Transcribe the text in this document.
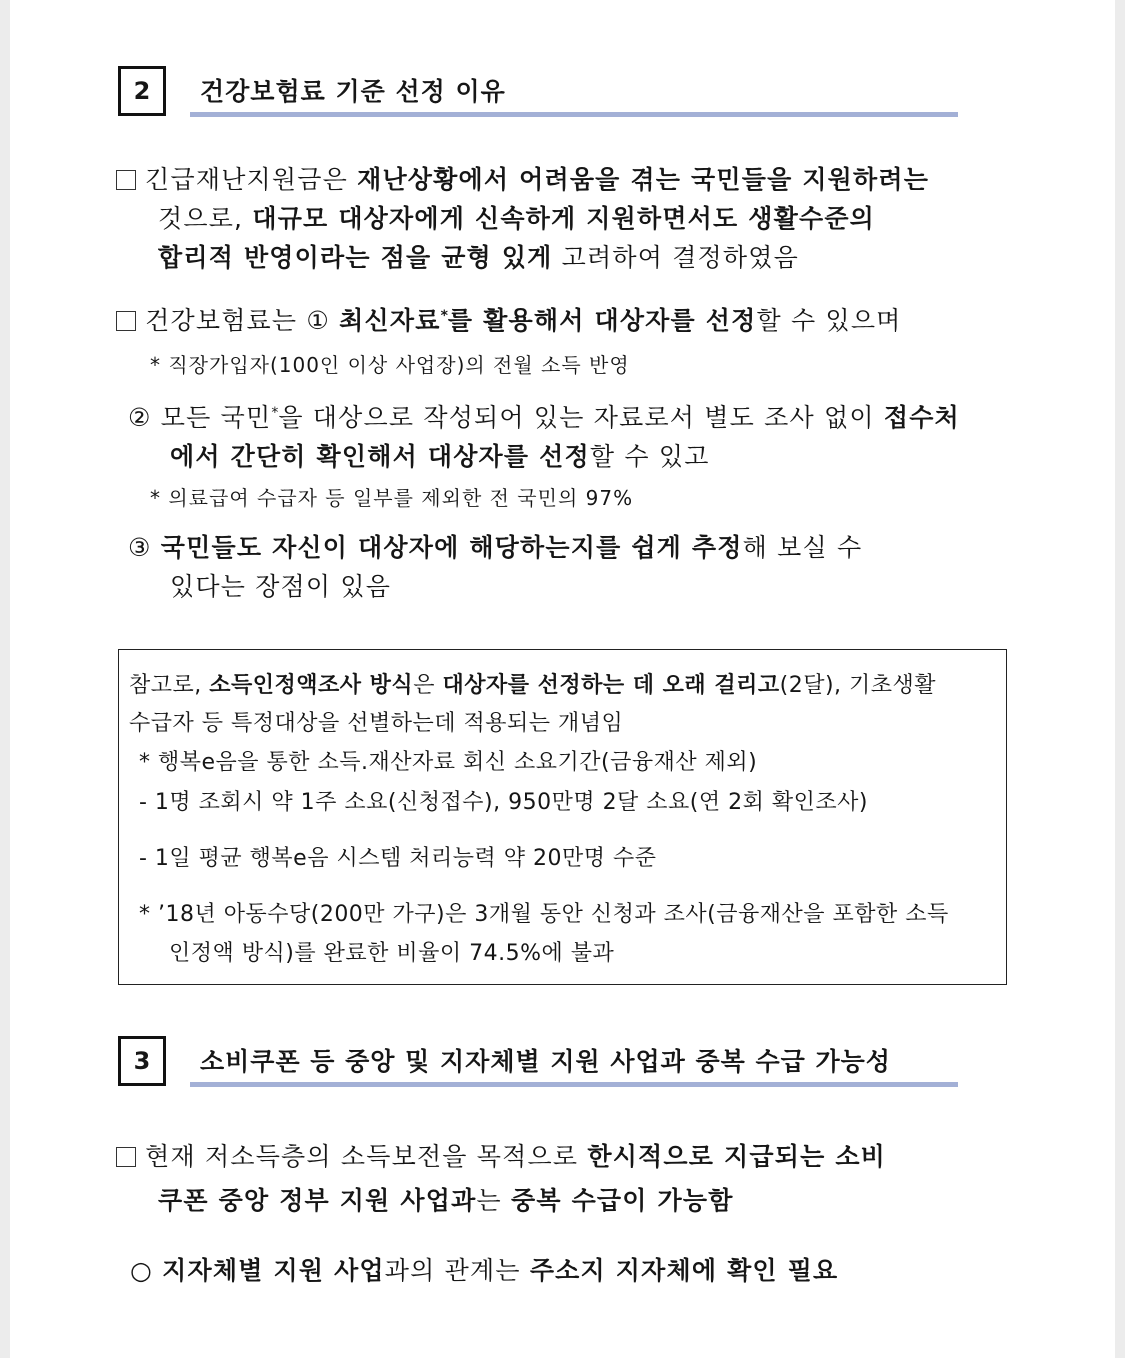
2	건강보험료 기준 선정 이유
긴급재난지원금은 재난상황에서 어려움을 겪는 국민들을 지원하려는
것으로, 대규모 대상자에게 신속하게 지원하면서도 생활수준의
합리적 반영이라는 점을 균형 있게 고려하여 결정하였음
건강보험료는 ① 최신자료*를 활용해서 대상자를 선정할 수 있으며
* 직장가입자(100인 이상 사업장)의 전월 소득 반영
② 모든 국민*을 대상으로 작성되어 있는 자료로서 별도 조사 없이 접수처
에서 간단히 확인해서 대상자를 선정할 수 있고
* 의료급여 수급자 등 일부를 제외한 전 국민의 97%
③ 국민들도 자신이 대상자에 해당하는지를 쉽게 추정해 보실 수
있다는 장점이 있음
참고로, 소득인정액조사 방식은 대상자를 선정하는 데 오래 걸리고(2달), 기초생활
수급자 등 특정대상을 선별하는데 적용되는 개념임
* 행복e음을 통한 소득.재산자료 회신 소요기간(금융재산 제외)
- 1명 조회시 약 1주 소요(신청접수), 950만명 2달 소요(연 2회 확인조사)
- 1일 평균 행복e음 시스템 처리능력 약 20만명 수준
* ’18년 아동수당(200만 가구)은 3개월 동안 신청과 조사(금융재산을 포함한 소득
인정액 방식)를 완료한 비율이 74.5%에 불과
3	소비쿠폰 등 중앙 및 지자체별 지원 사업과 중복 수급 가능성
현재 저소득층의 소득보전을 목적으로 한시적으로 지급되는 소비
쿠폰 중앙 정부 지원 사업과는 중복 수급이 가능함
○ 지자체별 지원 사업과의 관계는 주소지 지자체에 확인 필요
